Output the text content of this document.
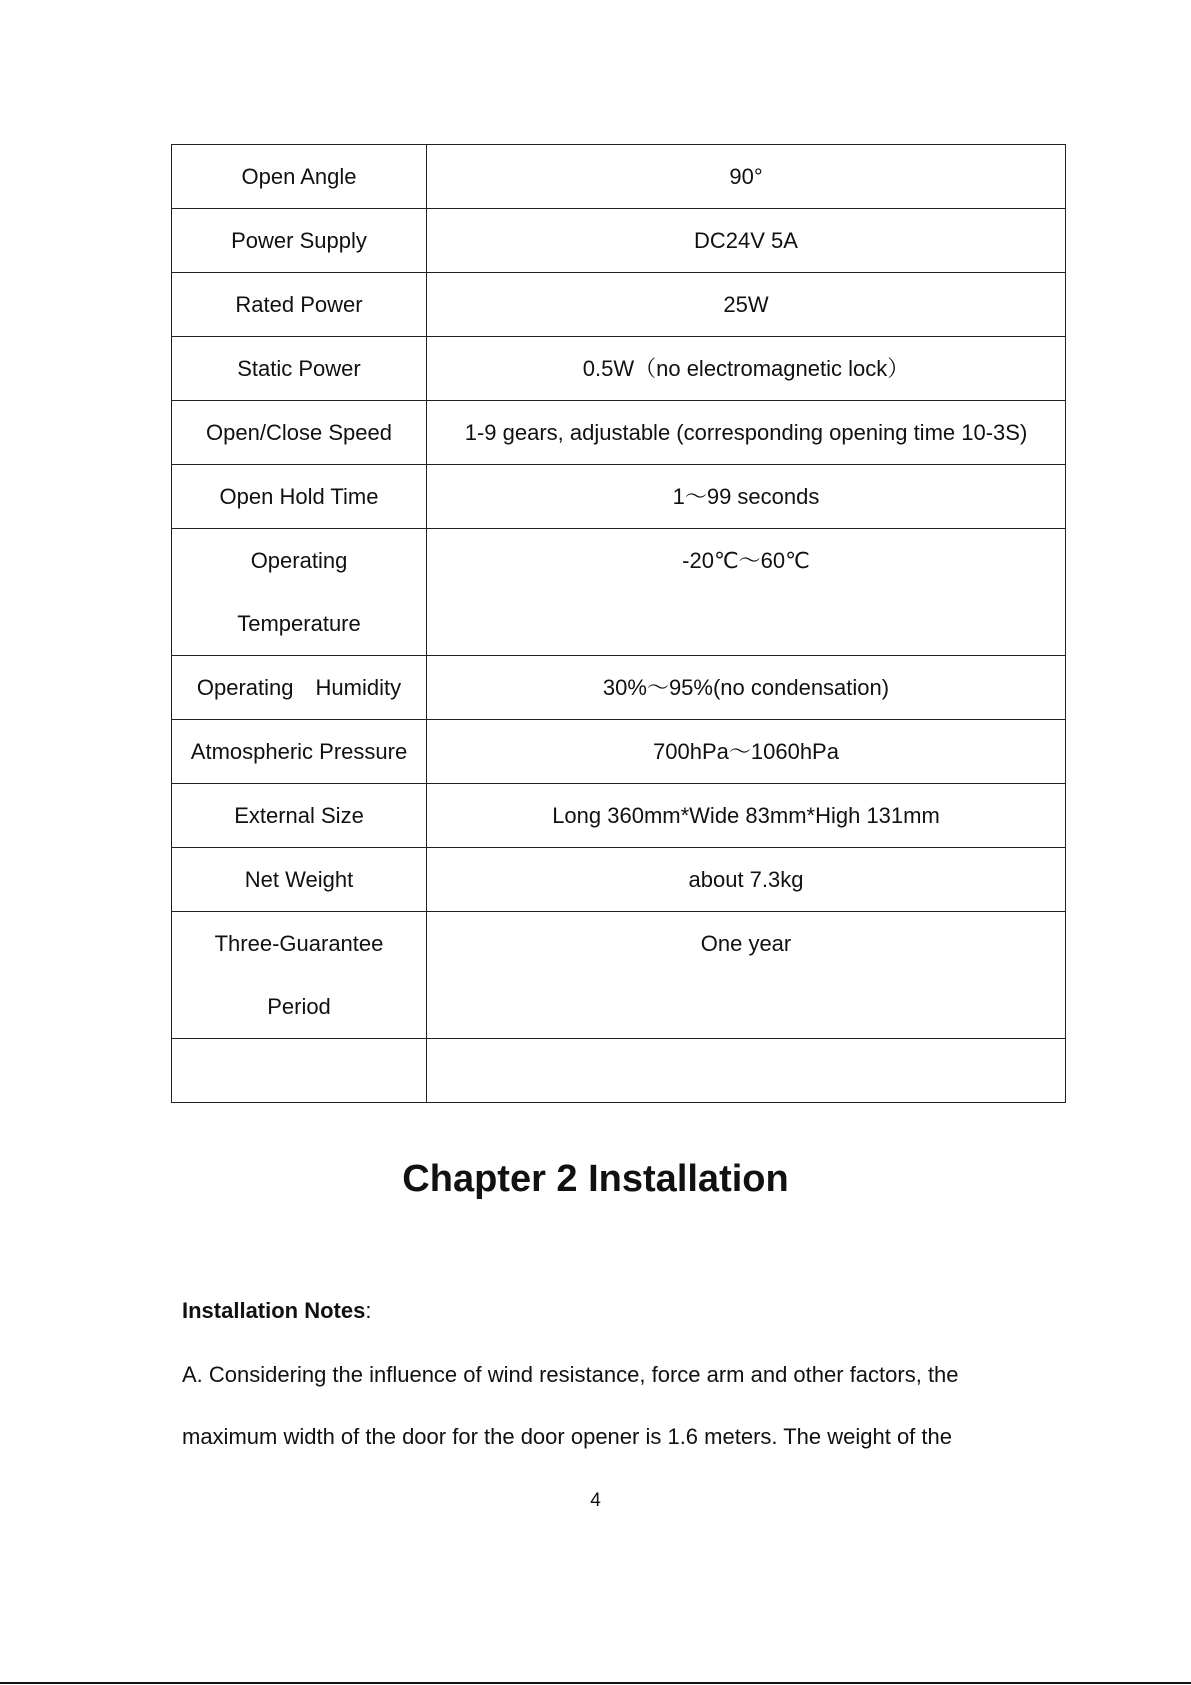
Open Angle	90°
Power Supply	DC24V 5A
Rated Power	25W
Static Power	0.5W（no electromagnetic lock）
Open/Close Speed	1-9 gears, adjustable (corresponding opening time 10-3S)
Open Hold Time	1～99 seconds
Operating
Temperature	-20℃～60℃
Operating　Humidity	30%～95%(no condensation)
Atmospheric Pressure	700hPa～1060hPa
External Size	Long 360mm*Wide 83mm*High 131mm
Net Weight	about 7.3kg
Three-Guarantee
Period	One year

Chapter 2 Installation

Installation Notes:

A. Considering the influence of wind resistance, force arm and other factors, the maximum width of the door for the door opener is 1.6 meters. The weight of the

4
